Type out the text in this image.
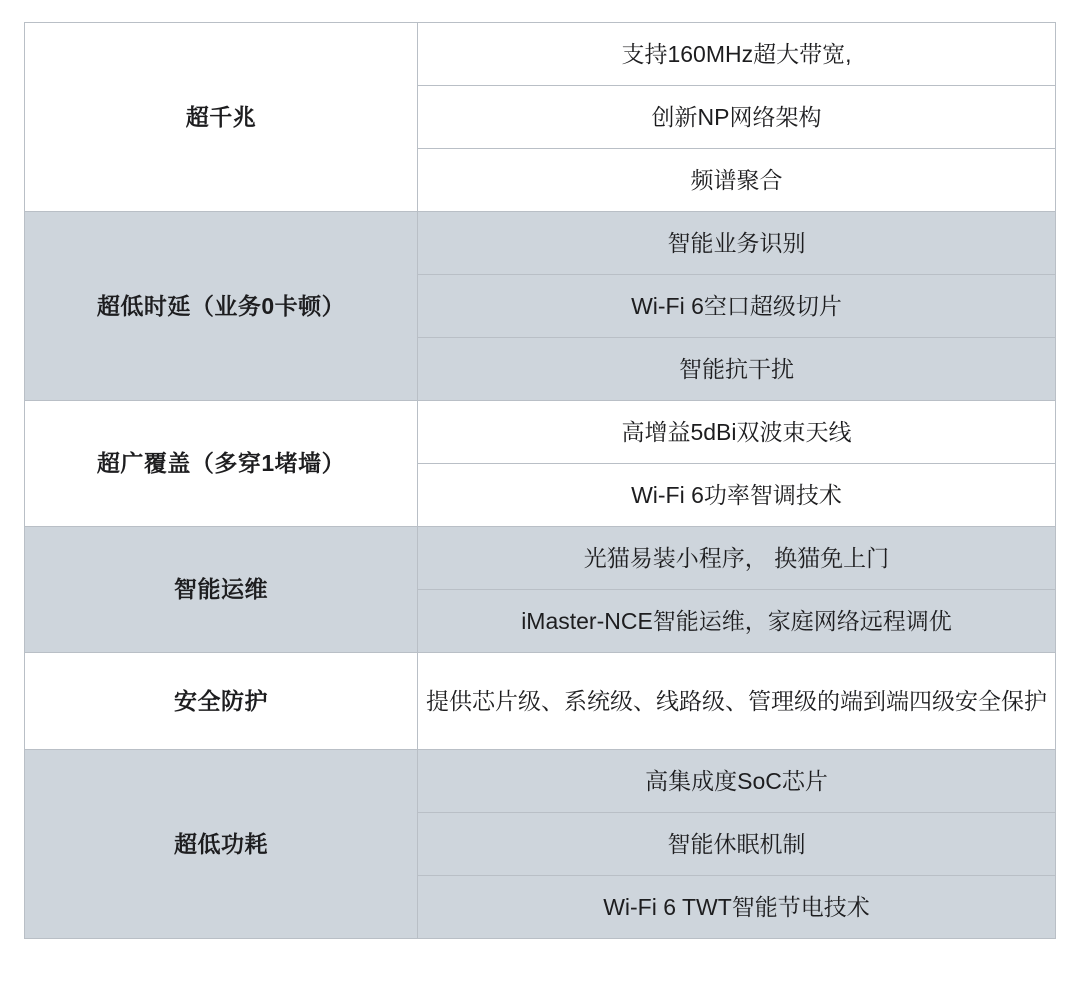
超千兆	支持160MHz超大带宽,
	创新NP网络架构
	频谱聚合
超低时延（业务0卡顿）	智能业务识别
	Wi-Fi 6空口超级切片
	智能抗干扰
超广覆盖（多穿1堵墙）	高增益5dBi双波束天线
	Wi-Fi 6功率智调技术
智能运维	光猫易装小程序， 换猫免上门
	iMaster-NCE智能运维，家庭网络远程调优
安全防护	提供芯片级、系统级、线路级、管理级的端到端四级安全保护
超低功耗	高集成度SoC芯片
	智能休眠机制
	Wi-Fi 6 TWT智能节电技术
